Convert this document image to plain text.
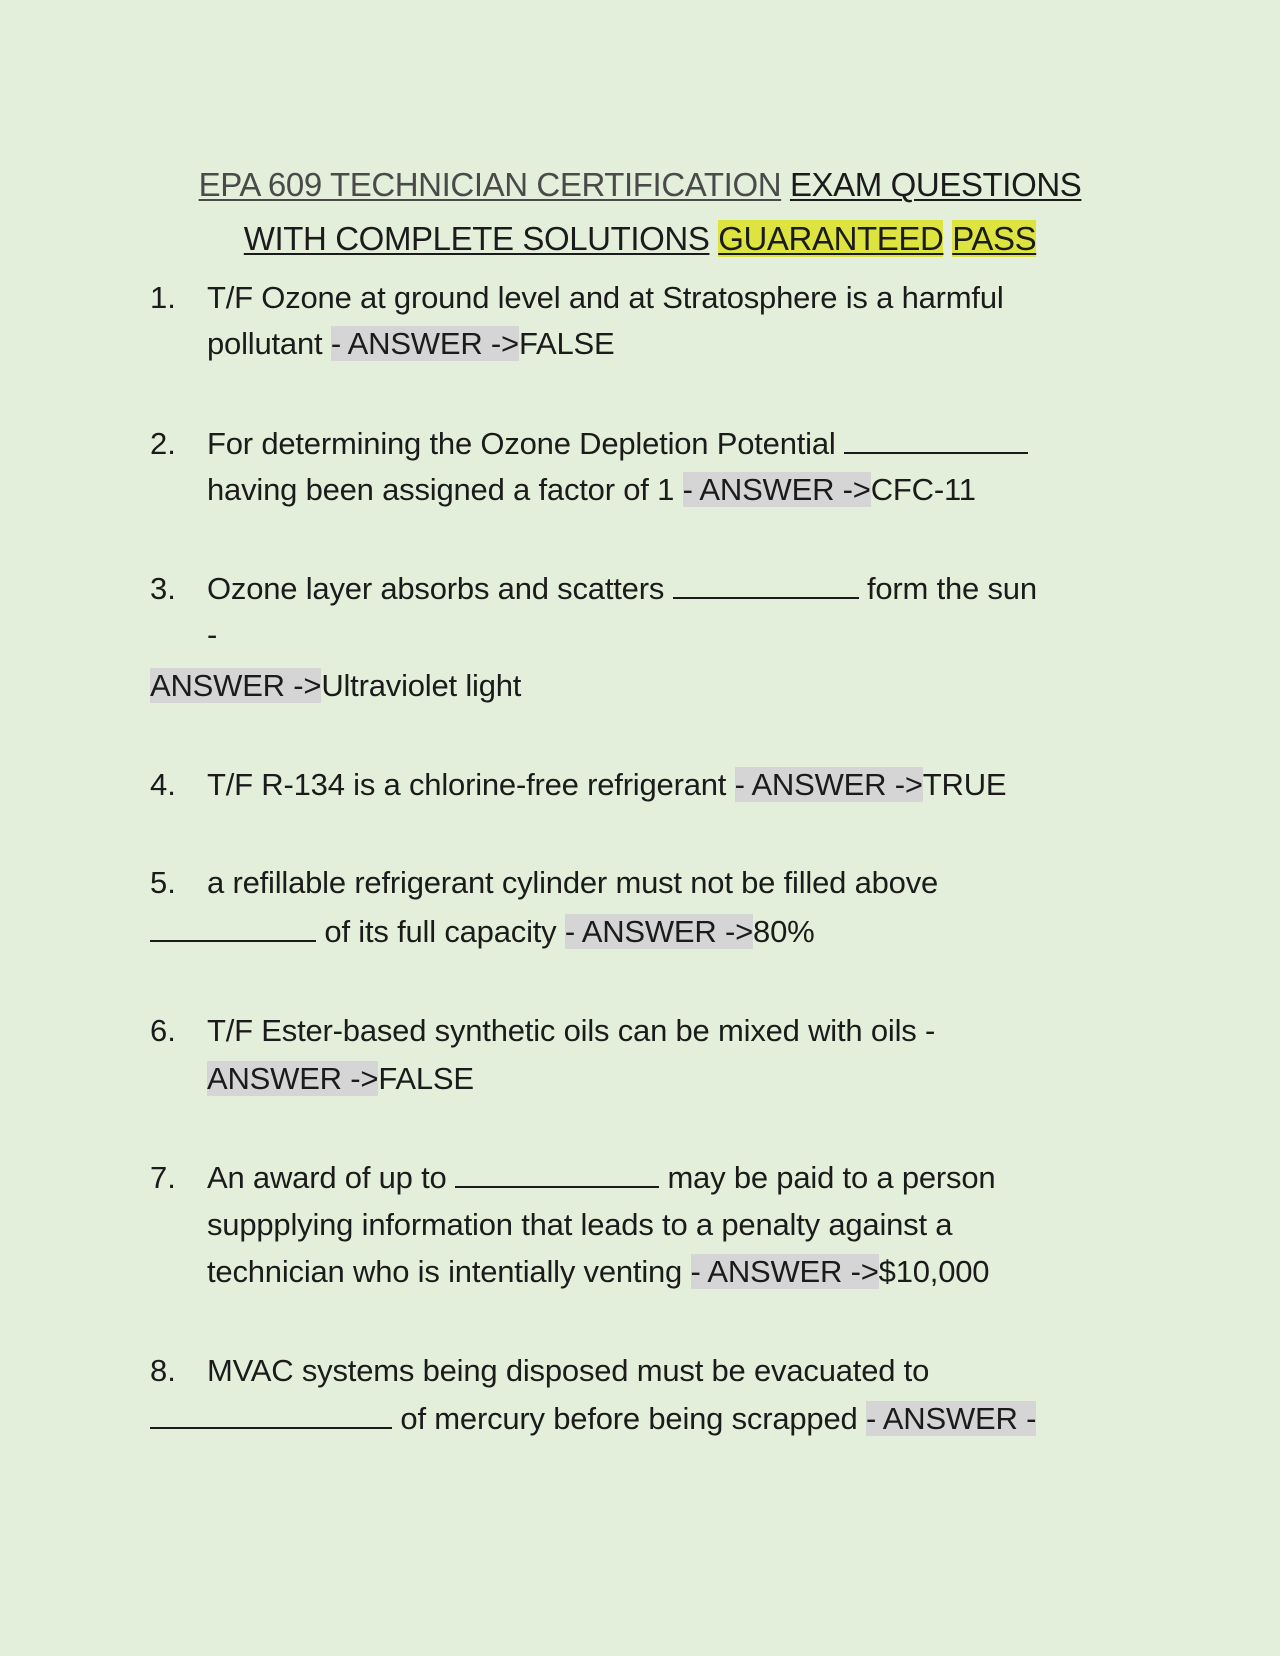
EPA 609 TECHNICIAN CERTIFICATION EXAM QUESTIONS
WITH COMPLETE SOLUTIONS GUARANTEED PASS
1. T/F Ozone at ground level and at Stratosphere is a harmful
pollutant - ANSWER ->FALSE
2. For determining the Ozone Depletion Potential
having been assigned a factor of 1 - ANSWER ->CFC-11
3. Ozone layer absorbs and scatters	form the sun
-
ANSWER ->Ultraviolet light
4. T/F R-134 is a chlorine-free refrigerant - ANSWER ->TRUE
5. a refillable refrigerant cylinder must not be filled above
of its full capacity - ANSWER ->80%
6. T/F Ester-based synthetic oils can be mixed with oils -
ANSWER ->FALSE
7. An award of up to	may be paid to a person
suppplying information that leads to a penalty against a
technician who is intentially venting - ANSWER ->$10,000
8. MVAC systems being disposed must be evacuated to
of mercury before being scrapped - ANSWER -
